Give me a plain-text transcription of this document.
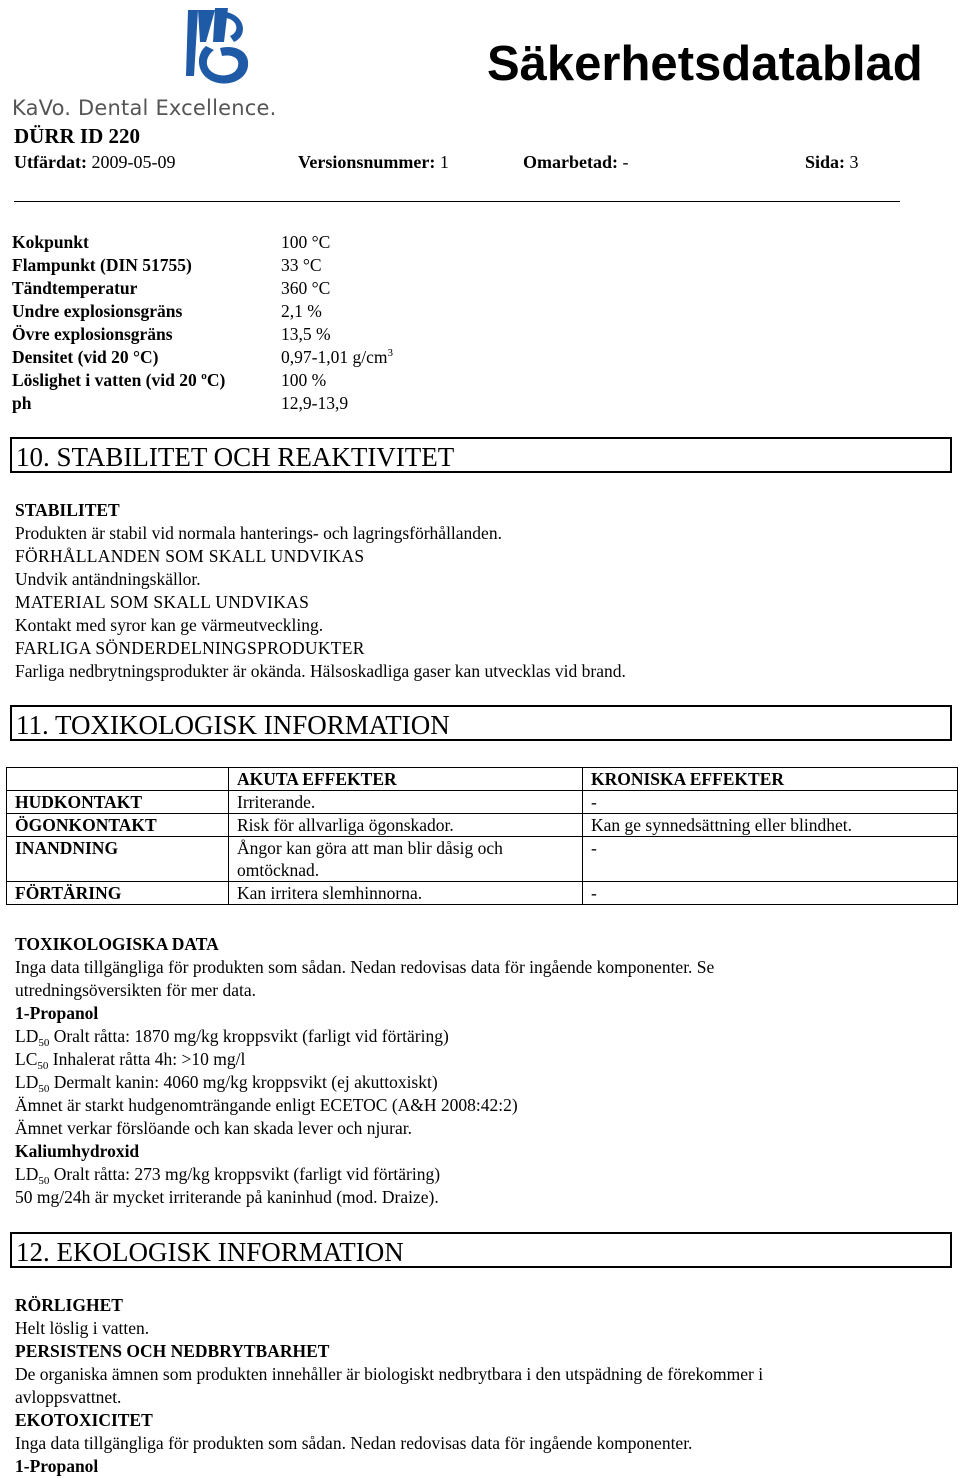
KaVo. Dental Excellence.
Säkerhetsdatablad
DÜRR ID 220
Utfärdat: 2009-05-09	Versionsnummer: 1	Omarbetad: -	Sida: 3
Kokpunkt	100 °C
Flampunkt (DIN 51755)	33 °C
Tändtemperatur	360 °C
Undre explosionsgräns	2,1 %
Övre explosionsgräns	13,5 %
Densitet (vid 20 °C)	0,97-1,01 $g/cm^3$
Löslighet i vatten (vid 20 ºC)	100 %
ph	12,9-13,9
10. STABILITET OCH REAKTIVITET
STABILITET
Produkten är stabil vid normala hanterings- och lagringsförhållanden.
FÖRHÅLLANDEN SOM SKALL UNDVIKAS
Undvik antändningskällor.
MATERIAL SOM SKALL UNDVIKAS
Kontakt med syror kan ge värmeutveckling.
FARLIGA SÖNDERDELNINGSPRODUKTER
Farliga nedbrytningsprodukter är okända. Hälsoskadliga gaser kan utvecklas vid brand.
11. TOXIKOLOGISK INFORMATION
	AKUTA EFFEKTER	KRONISKA EFFEKTER
HUDKONTAKT	Irriterande.	-
ÖGONKONTAKT	Risk för allvarliga ögonskador.	Kan ge synnedsättning eller blindhet.
INANDNING	Ångor kan göra att man blir dåsig och omtöcknad.	-
FÖRTÄRING	Kan irritera slemhinnorna.	-
TOXIKOLOGISKA DATA
Inga data tillgängliga för produkten som sådan. Nedan redovisas data för ingående komponenter. Se
utredningsöversikten för mer data.
1-Propanol
$LD_{50}$ Oralt råtta: 1870 mg/kg kroppsvikt (farligt vid förtäring)
$LC_{50}$ Inhalerat råtta 4h: >10 mg/l
$LD_{50}$ Dermalt kanin: 4060 mg/kg kroppsvikt (ej akuttoxiskt)
Ämnet är starkt hudgenomträngande enligt ECETOC (A&H 2008:42:2)
Ämnet verkar förslöande och kan skada lever och njurar.
Kaliumhydroxid
$LD_{50}$ Oralt råtta: 273 mg/kg kroppsvikt (farligt vid förtäring)
50 mg/24h är mycket irriterande på kaninhud (mod. Draize).
12. EKOLOGISK INFORMATION
RÖRLIGHET
Helt löslig i vatten.
PERSISTENS OCH NEDBRYTBARHET
De organiska ämnen som produkten innehåller är biologiskt nedbrytbara i den utspädning de förekommer i
avloppsvattnet.
EKOTOXICITET
Inga data tillgängliga för produkten som sådan. Nedan redovisas data för ingående komponenter.
1-Propanol
